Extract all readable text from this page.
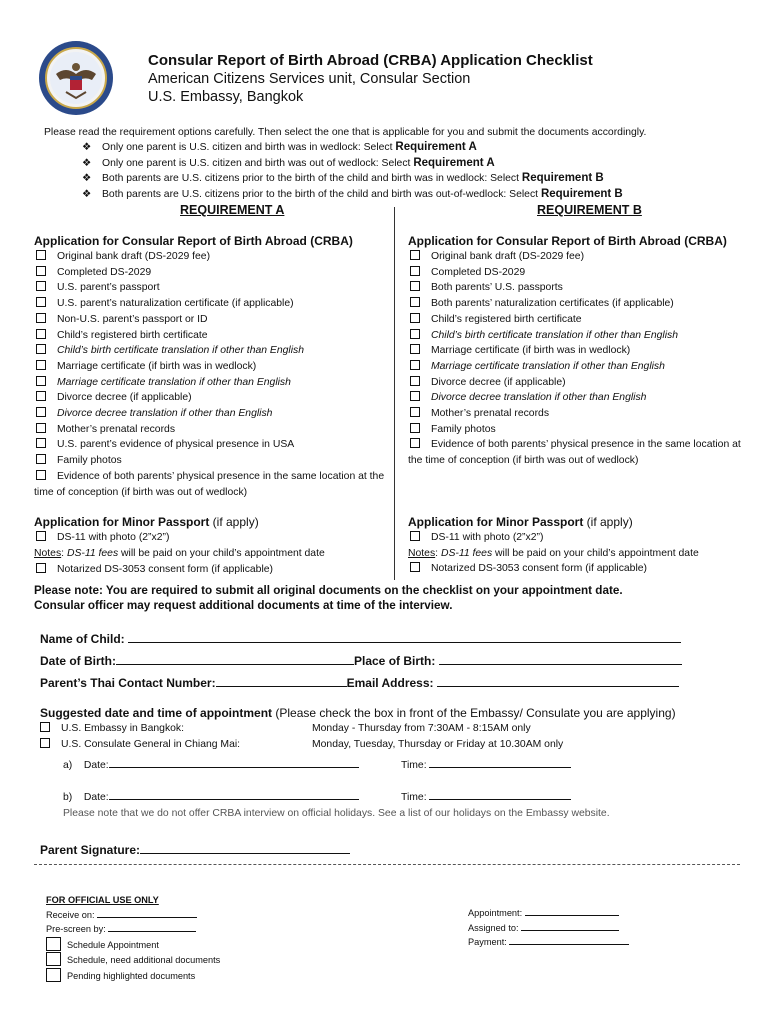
Consular Report of Birth Abroad (CRBA) Application Checklist
American Citizens Services unit, Consular Section
U.S. Embassy, Bangkok
Please read the requirement options carefully. Then select the one that is applicable for you and submit the documents accordingly.
❖ Only one parent is U.S. citizen and birth was in wedlock: Select Requirement A
❖ Only one parent is U.S. citizen and birth was out of wedlock: Select Requirement A
❖ Both parents are U.S. citizens prior to the birth of the child and birth was in wedlock: Select Requirement B
❖ Both parents are U.S. citizens prior to the birth of the child and birth was out-of-wedlock: Select Requirement B
REQUIREMENT A	REQUIREMENT B
Application for Consular Report of Birth Abroad (CRBA)
Original bank draft (DS-2029 fee)
Completed DS-2029
U.S. parent’s passport
U.S. parent’s naturalization certificate (if applicable)
Non-U.S. parent’s passport or ID
Child’s registered birth certificate
Child’s birth certificate translation if other than English
Marriage certificate (if birth was in wedlock)
Marriage certificate translation if other than English
Divorce decree (if applicable)
Divorce decree translation if other than English
Mother’s prenatal records
U.S. parent’s evidence of physical presence in USA
Family photos
Evidence of both parents’ physical presence in the same location at the time of conception (if birth was out of wedlock)
Application for Minor Passport (if apply)
DS-11 with photo (2”x2”)
Notes: DS-11 fees will be paid on your child’s appointment date
Notarized DS-3053 consent form (if applicable)
Application for Consular Report of Birth Abroad (CRBA)
Original bank draft (DS-2029 fee)
Completed DS-2029
Both parents’ U.S. passports
Both parents’ naturalization certificates (if applicable)
Child’s registered birth certificate
Child’s birth certificate translation if other than English
Marriage certificate (if birth was in wedlock)
Marriage certificate translation if other than English
Divorce decree (if applicable)
Divorce decree translation if other than English
Mother’s prenatal records
Family photos
Evidence of both parents’ physical presence in the same location at the time of conception (if birth was out of wedlock)
Application for Minor Passport (if apply)
DS-11 with photo (2”x2”)
Notes: DS-11 fees will be paid on your child’s appointment date
Notarized DS-3053 consent form (if applicable)
Please note: You are required to submit all original documents on the checklist on your appointment date.
Consular officer may request additional documents at time of the interview.
Name of Child:
Date of Birth:	Place of Birth:
Parent’s Thai Contact Number:	Email Address:
Suggested date and time of appointment (Please check the box in front of the Embassy/ Consulate you are applying)
U.S. Embassy in Bangkok:	Monday - Thursday from 7:30AM - 8:15AM only
U.S. Consulate General in Chiang Mai:	Monday, Tuesday, Thursday or Friday at 10.30AM only
a) Date:	Time:
b) Date:	Time:
Please note that we do not offer CRBA interview on official holidays. See a list of our holidays on the Embassy website.
Parent Signature:
FOR OFFICIAL USE ONLY
Receive on:
Pre-screen by:
Schedule Appointment
Schedule, need additional documents
Pending highlighted documents
Appointment:
Assigned to:
Payment:
